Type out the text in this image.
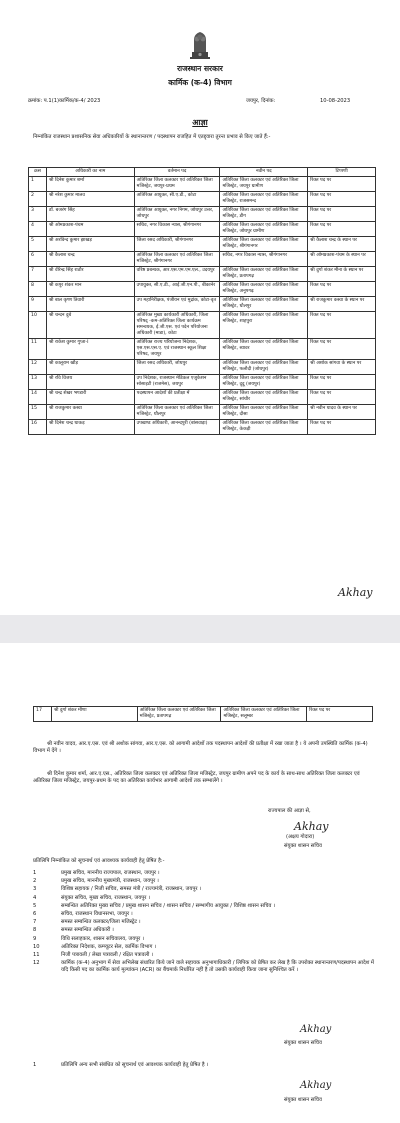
राजस्थान सरकार
कार्मिक (क-4) विभाग
क्रमांक: प.1(1)कार्मिक/क-4/ 2023	जयपुर, दिनांक:	10-08-2023
आज्ञा
निम्नांकित राजस्थान प्रशासनिक सेवा अधिकारियों के स्थानान्तरण / पदस्थापन राजहित में एतद्द्वारा तुरन्त प्रभाव से किए जाते हैं:-
क्रस	अधिकारी का नाम	वर्तमान पद	नवीन पद	टिप्पणी
1	श्री दिनेश कुमार शर्मा	अतिरिक्त जिला कलक्टर एवं अतिरिक्त जिला मजिस्ट्रेट, जयपुर-प्रथम	अतिरिक्त जिला कलक्टर एवं अतिरिक्त जिला मजिस्ट्रेट, जयपुर ग्रामीण	रिक्त पद पर
2	श्री नरेश कुमार मालव	अतिरिक्त आयुक्त, सी.ए.डी., कोटा	अतिरिक्त जिला कलक्टर एवं अतिरिक्त जिला मजिस्ट्रेट, राजसमन्द	रिक्त पद पर
3	डॉ. बजरंग सिंह	अतिरिक्त आयुक्त, नगर निगम, जोधपुर उत्तर, जोधपुर	अतिरिक्त जिला कलक्टर एवं अतिरिक्त जिला मजिस्ट्रेट, डीग	रिक्त पद पर
4	श्री ओमप्रकाश-पंचम	सचिव, नगर विकास न्यास, श्रीगंगानगर	अतिरिक्त जिला कलक्टर एवं अतिरिक्त जिला मजिस्ट्रेट, जोधपुर ग्रामीण	रिक्त पद पर
5	श्री अरविन्द कुमार झाखड़	जिला रसद अधिकारी, श्रीगंगानगर	अतिरिक्त जिला कलक्टर एवं अतिरिक्त जिला मजिस्ट्रेट, श्रीगंगानगर	श्री कैलाश चन्द्र के स्थान पर
6	श्री कैलाश चन्द्र	अतिरिक्त जिला कलक्टर एवं अतिरिक्त जिला मजिस्ट्रेट, श्रीगंगानगर	सचिव, नगर विकास न्यास, श्रीगंगानगर	श्री ओमप्रकाश-पंचम के स्थान पर
7	श्री वीरेन्द्र सिंह राठौर	वरिष्ठ प्रबन्धक, आर.एस.एम.एम.एल., उदयपुर	अतिरिक्त जिला कलक्टर एवं अतिरिक्त जिला मजिस्ट्रेट, प्रतापगढ़	श्री दुर्गा शंकर मीना के स्थान पर
8	श्री कपूर शंकर मान	उपायुक्त, सी.ए.डी., आई.जी.एन.पी., बीकानेर	अतिरिक्त जिला कलक्टर एवं अतिरिक्त जिला मजिस्ट्रेट, अनूपगढ़	रिक्त पद पर
9	श्री बाल कृष्ण तिवारी	उप महानिरीक्षक, पंजीयन एवं मुद्रांक, कोटा-वृत	अतिरिक्त जिला कलक्टर एवं अतिरिक्त जिला मजिस्ट्रेट, धौलपुर	श्री राजकुमार कस्वा के स्थान पर
10	श्री चन्दन दुबे	अतिरिक्त मुख्य कार्यकारी अधिकारी, जिला परिषद् -कम-अतिरिक्त जिला कार्यक्रम समन्वयक, ई.जी.एस. एवं पदेन परियोजना अधिकारी (माडा), कोटा	अतिरिक्त जिला कलक्टर एवं अतिरिक्त जिला मजिस्ट्रेट, शाहपुरा	रिक्त पद पर
11	श्री राकेश कुमार गुप्ता-I	अतिरिक्त राज्य परियोजना निदेशक, एस.एस.एस.ए. एवं राजस्थान स्कूल शिक्षा परिषद, जयपुर	अतिरिक्त जिला कलक्टर एवं अतिरिक्त जिला मजिस्ट्रेट, ब्यावर	रिक्त पद पर
12	श्री कालूराम खौड़	जिला रसद अधिकारी, जोधपुर	अतिरिक्त जिला कलक्टर एवं अतिरिक्त जिला मजिस्ट्रेट, फलौदी (जोधपुर)	श्री अशोक सांगवा के स्थान पर
13	श्री रवि विजय	उप निदेशक, राजस्थान मेडिकल एजुकेशन सोसाइटी (राजमेस), जयपुर	अतिरिक्त जिला कलक्टर एवं अतिरिक्त जिला मजिस्ट्रेट, दूदू (जयपुर)	रिक्त पद पर
14	श्री चन्द्र शेखर भण्डारी	पदस्थापन आदेशों की प्रतीक्षा में	अतिरिक्त जिला कलक्टर एवं अतिरिक्त जिला मजिस्ट्रेट, सांचौर	रिक्त पद पर
15	श्री राजकुमार कस्वा	अतिरिक्त जिला कलक्टर एवं अतिरिक्त जिला मजिस्ट्रेट, धौलपुर	अतिरिक्त जिला कलक्टर एवं अतिरिक्त जिला मजिस्ट्रेट, दौसा	श्री नवीन यादव के स्थान पर
16	श्री दिनेश चन्द्र धाकड़	उपखण्ड अधिकारी, आनन्दपुरी (बांसवाड़ा)	अतिरिक्त जिला कलक्टर एवं अतिरिक्त जिला मजिस्ट्रेट, केकड़ी	रिक्त पद पर
Akhay
17	श्री दुर्गा शंकर मीणा	अतिरिक्त जिला कलक्टर एवं अतिरिक्त जिला मजिस्ट्रेट, प्रतापगढ़	अतिरिक्त जिला कलक्टर एवं अतिरिक्त जिला मजिस्ट्रेट, सलूम्बर	रिक्त पद पर
श्री नवीन यादव, आर.ए.एस. एवं श्री अशोक सांगवा, आर.ए.एस. को आगामी आदेशों तक पदस्थापन आदेशों की प्रतीक्षा में रखा जाता है । ये अपनी उपस्थिति कार्मिक (क-4) विभाग में देंगे ।
श्री दिनेश कुमार शर्मा, आर.ए.एस., अतिरिक्त जिला कलक्टर एवं अतिरिक्त जिला मजिस्ट्रेट, जयपुर ग्रामीण अपने पद के कार्य के साथ-साथ अतिरिक्त जिला कलक्टर एवं अतिरिक्त जिला मजिस्ट्रेट, जयपुर-प्रथम के पद का अतिरिक्त कार्यभार आगामी आदेशों तक सम्भालेंगे ।
राज्यपाल की आज्ञा से,
Akhay
(अक्षय गोदारा)
संयुक्त शासन सचिव
प्रतिलिपि निम्नांकित को सूचनार्थ एवं आवश्यक कार्यवाही हेतु प्रेषित है:-
1	प्रमुख सचिव, माननीय राज्यपाल, राजस्थान, जयपुर ।
2	प्रमुख सचिव, माननीय मुख्यमंत्री, राजस्थान, जयपुर ।
3	विशिष्ठ सहायक / निजी सचिव, समस्त मंत्री / राज्यमंत्री, राजस्थान, जयपुर ।
4	संयुक्त सचिव, मुख्य सचिव, राजस्थान, जयपुर ।
5	सम्बन्धित अतिरिक्त मुख्य सचिव / प्रमुख शासन सचिव / शासन सचिव / सम्भागीय आयुक्त / विशिष्ठ शासन सचिव ।
6	सचिव, राजस्थान विधानसभा, जयपुर ।
7	समस्त सम्बन्धित कलक्टर/जिला मजिस्ट्रेट ।
8	समस्त सम्बन्धित अधिकारी ।
9	विधि सलाहकार, शासन सचिवालय, जयपुर ।
10	अतिरिक्त निदेशक, कम्प्यूटर सेल, कार्मिक विभाग ।
11	निजी पत्रावली / लेखा पत्रावली / रक्षित पत्रावली ।
12	कार्मिक (क-4) अनुभाग में सेवा अभिलेख संधारित किये जाने वाले सहायक अनुभागाधिकारी / लिपिक को प्रेषित कर लेख है कि उपरोक्त स्थानान्तरण/पदस्थापन आदेश में यदि किसी पद का कार्मिक कार्य मूल्यांकन (ACR) का बैंचमार्क निर्धारित नहीं है तो उसकी कार्यवाही किया जाना सुनिश्चित करें ।
Akhay
संयुक्त शासन सचिव
1	प्रतिलिपि अन्य सभी संबंधित को सूचनार्थ एवं आवश्यक कार्यवाही हेतु प्रेषित है ।
Akhay
संयुक्त शासन सचिव
